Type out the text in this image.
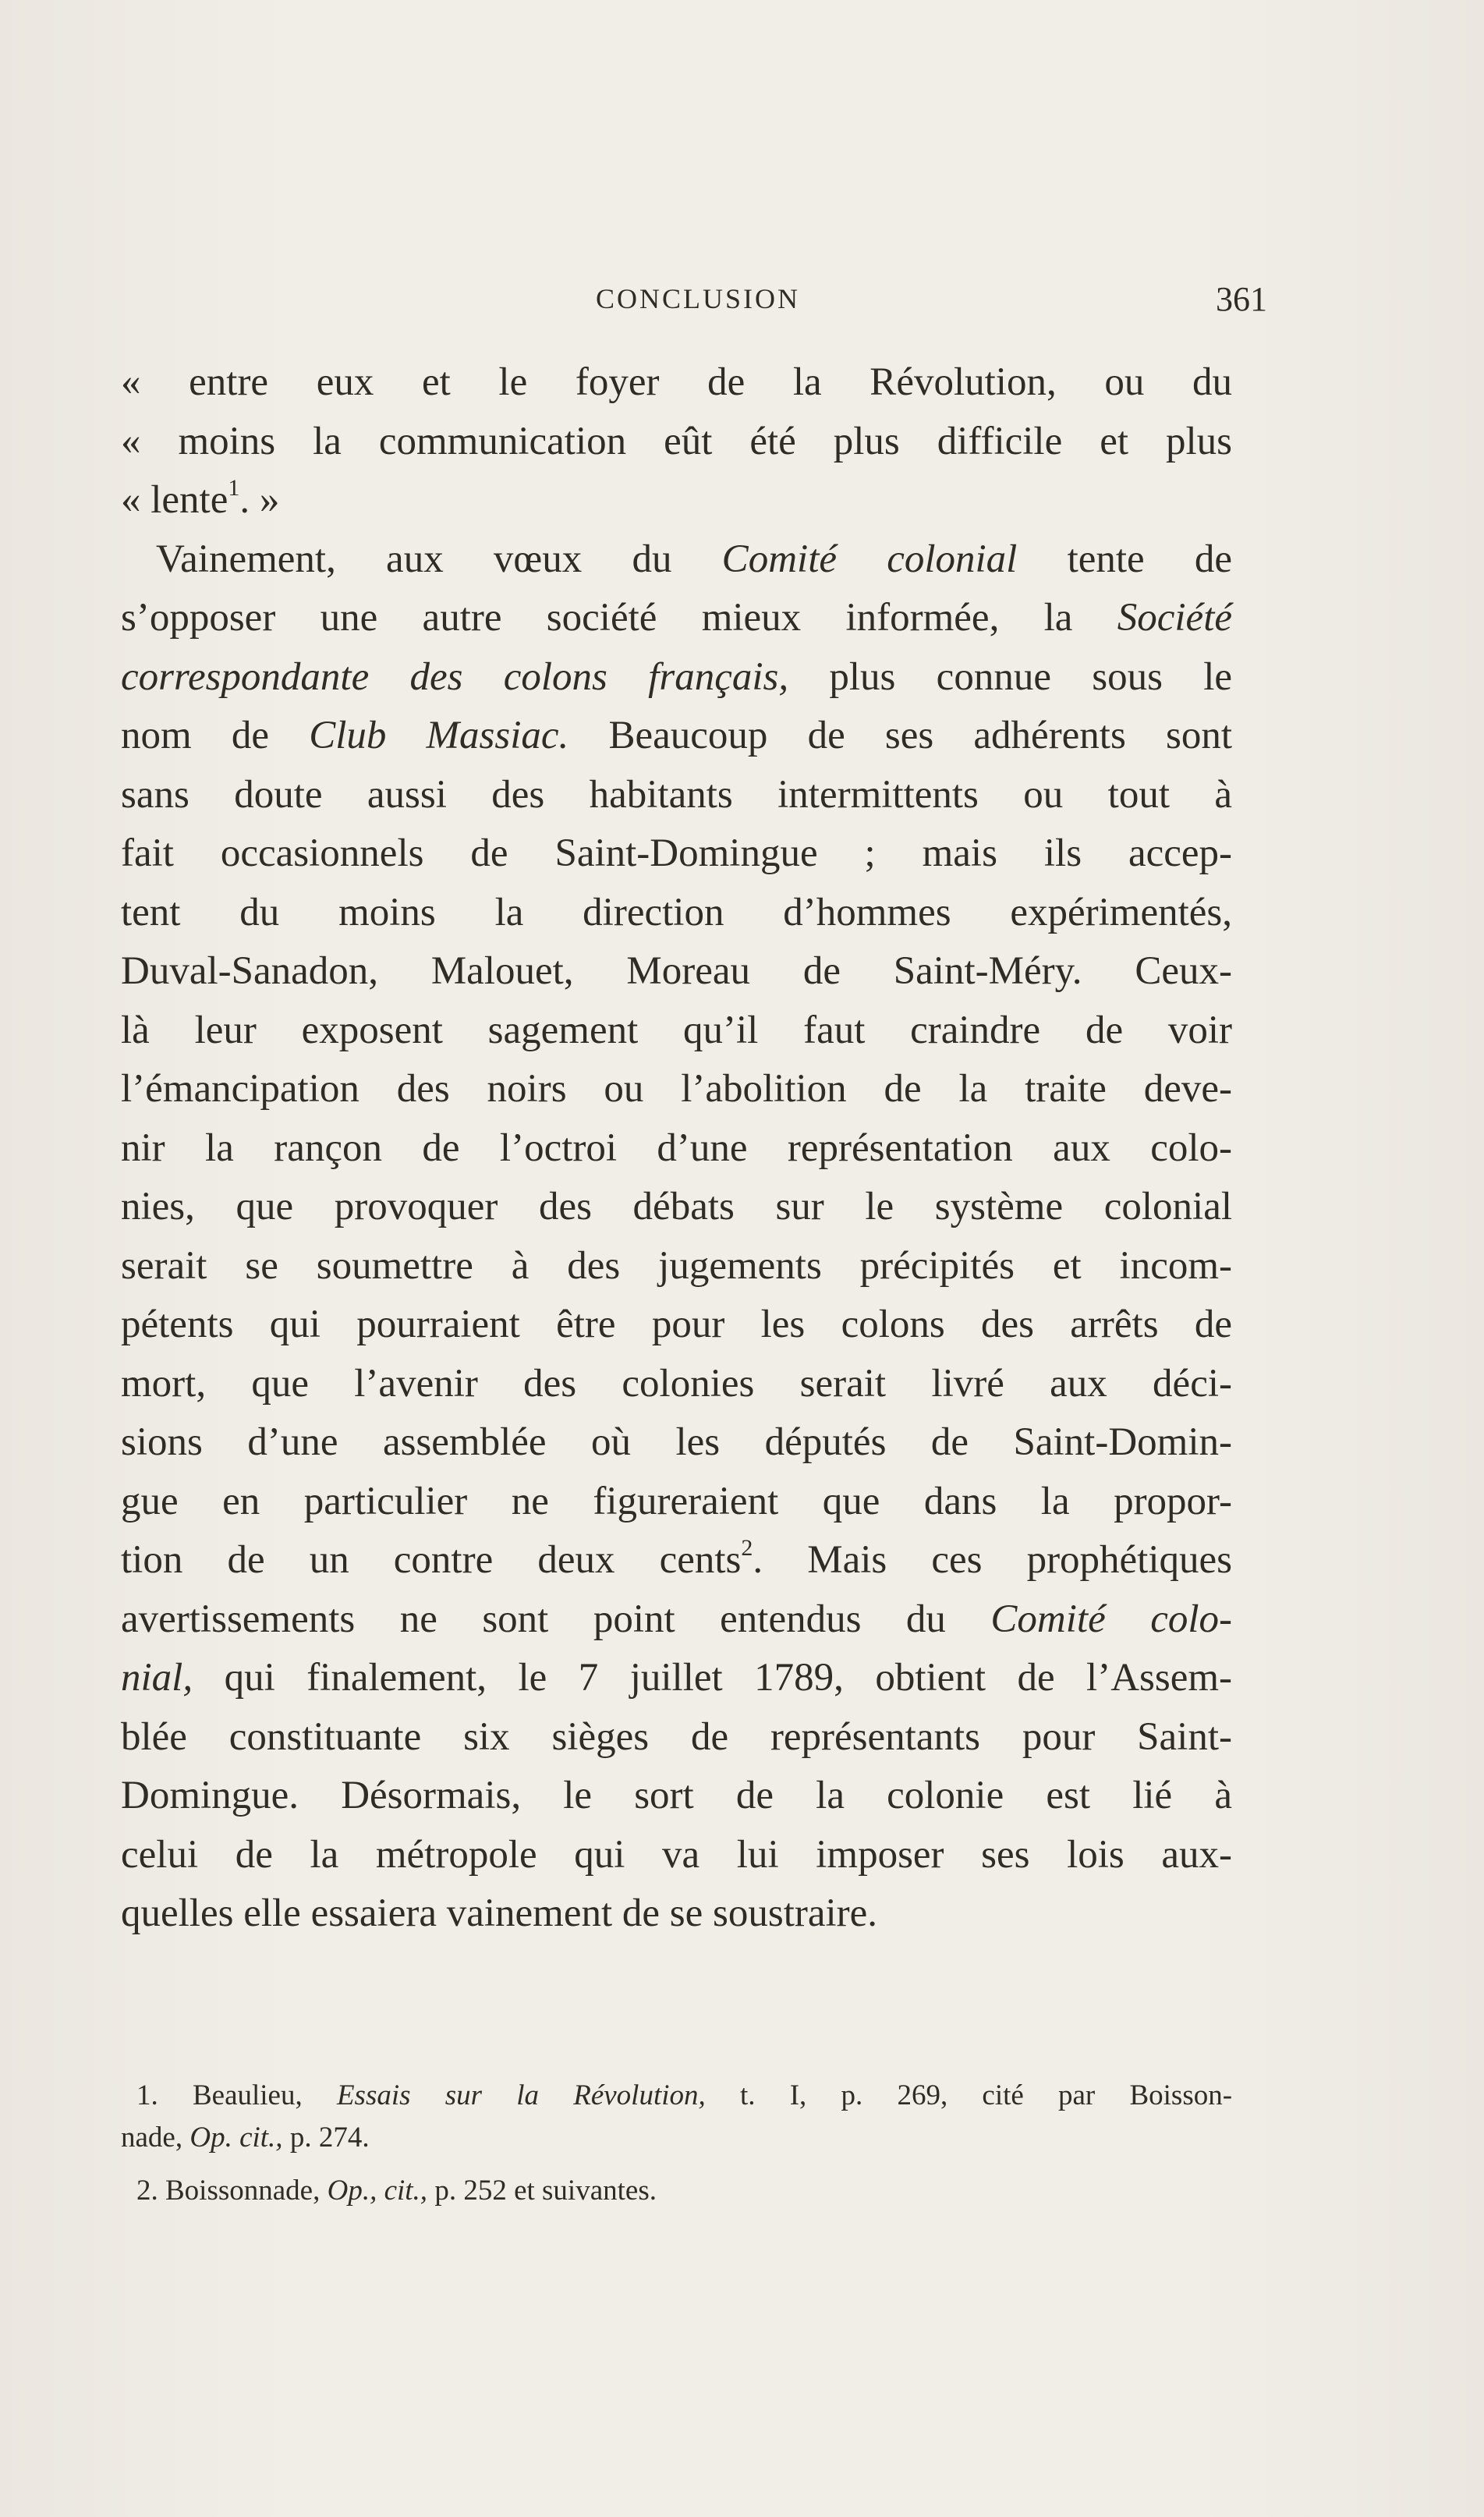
CONCLUSION	361
« entre eux et le foyer de la Révolution, ou du
« moins la communication eût été plus difficile et plus
« lente$^1$. »
Vainement, aux vœux du Comité colonial tente de
s’opposer une autre société mieux informée, la Société
correspondante des colons français, plus connue sous le
nom de Club Massiac. Beaucoup de ses adhérents sont
sans doute aussi des habitants intermittents ou tout à
fait occasionnels de Saint-Domingue ; mais ils accep-
tent du moins la direction d’hommes expérimentés,
Duval-Sanadon, Malouet, Moreau de Saint-Méry. Ceux-
là leur exposent sagement qu’il faut craindre de voir
l’émancipation des noirs ou l’abolition de la traite deve-
nir la rançon de l’octroi d’une représentation aux colo-
nies, que provoquer des débats sur le système colonial
serait se soumettre à des jugements précipités et incom-
pétents qui pourraient être pour les colons des arrêts de
mort, que l’avenir des colonies serait livré aux déci-
sions d’une assemblée où les députés de Saint-Domin-
gue en particulier ne figureraient que dans la propor-
tion de un contre deux cents$^2$. Mais ces prophétiques
avertissements ne sont point entendus du Comité colo-
nial, qui finalement, le 7 juillet 1789, obtient de l’Assem-
blée constituante six sièges de représentants pour Saint-
Domingue. Désormais, le sort de la colonie est lié à
celui de la métropole qui va lui imposer ses lois aux-
quelles elle essaiera vainement de se soustraire.
1. Beaulieu, Essais sur la Révolution, t. I, p. 269, cité par Boisson-
nade, Op. cit., p. 274.
2. Boissonnade, Op., cit., p. 252 et suivantes.
